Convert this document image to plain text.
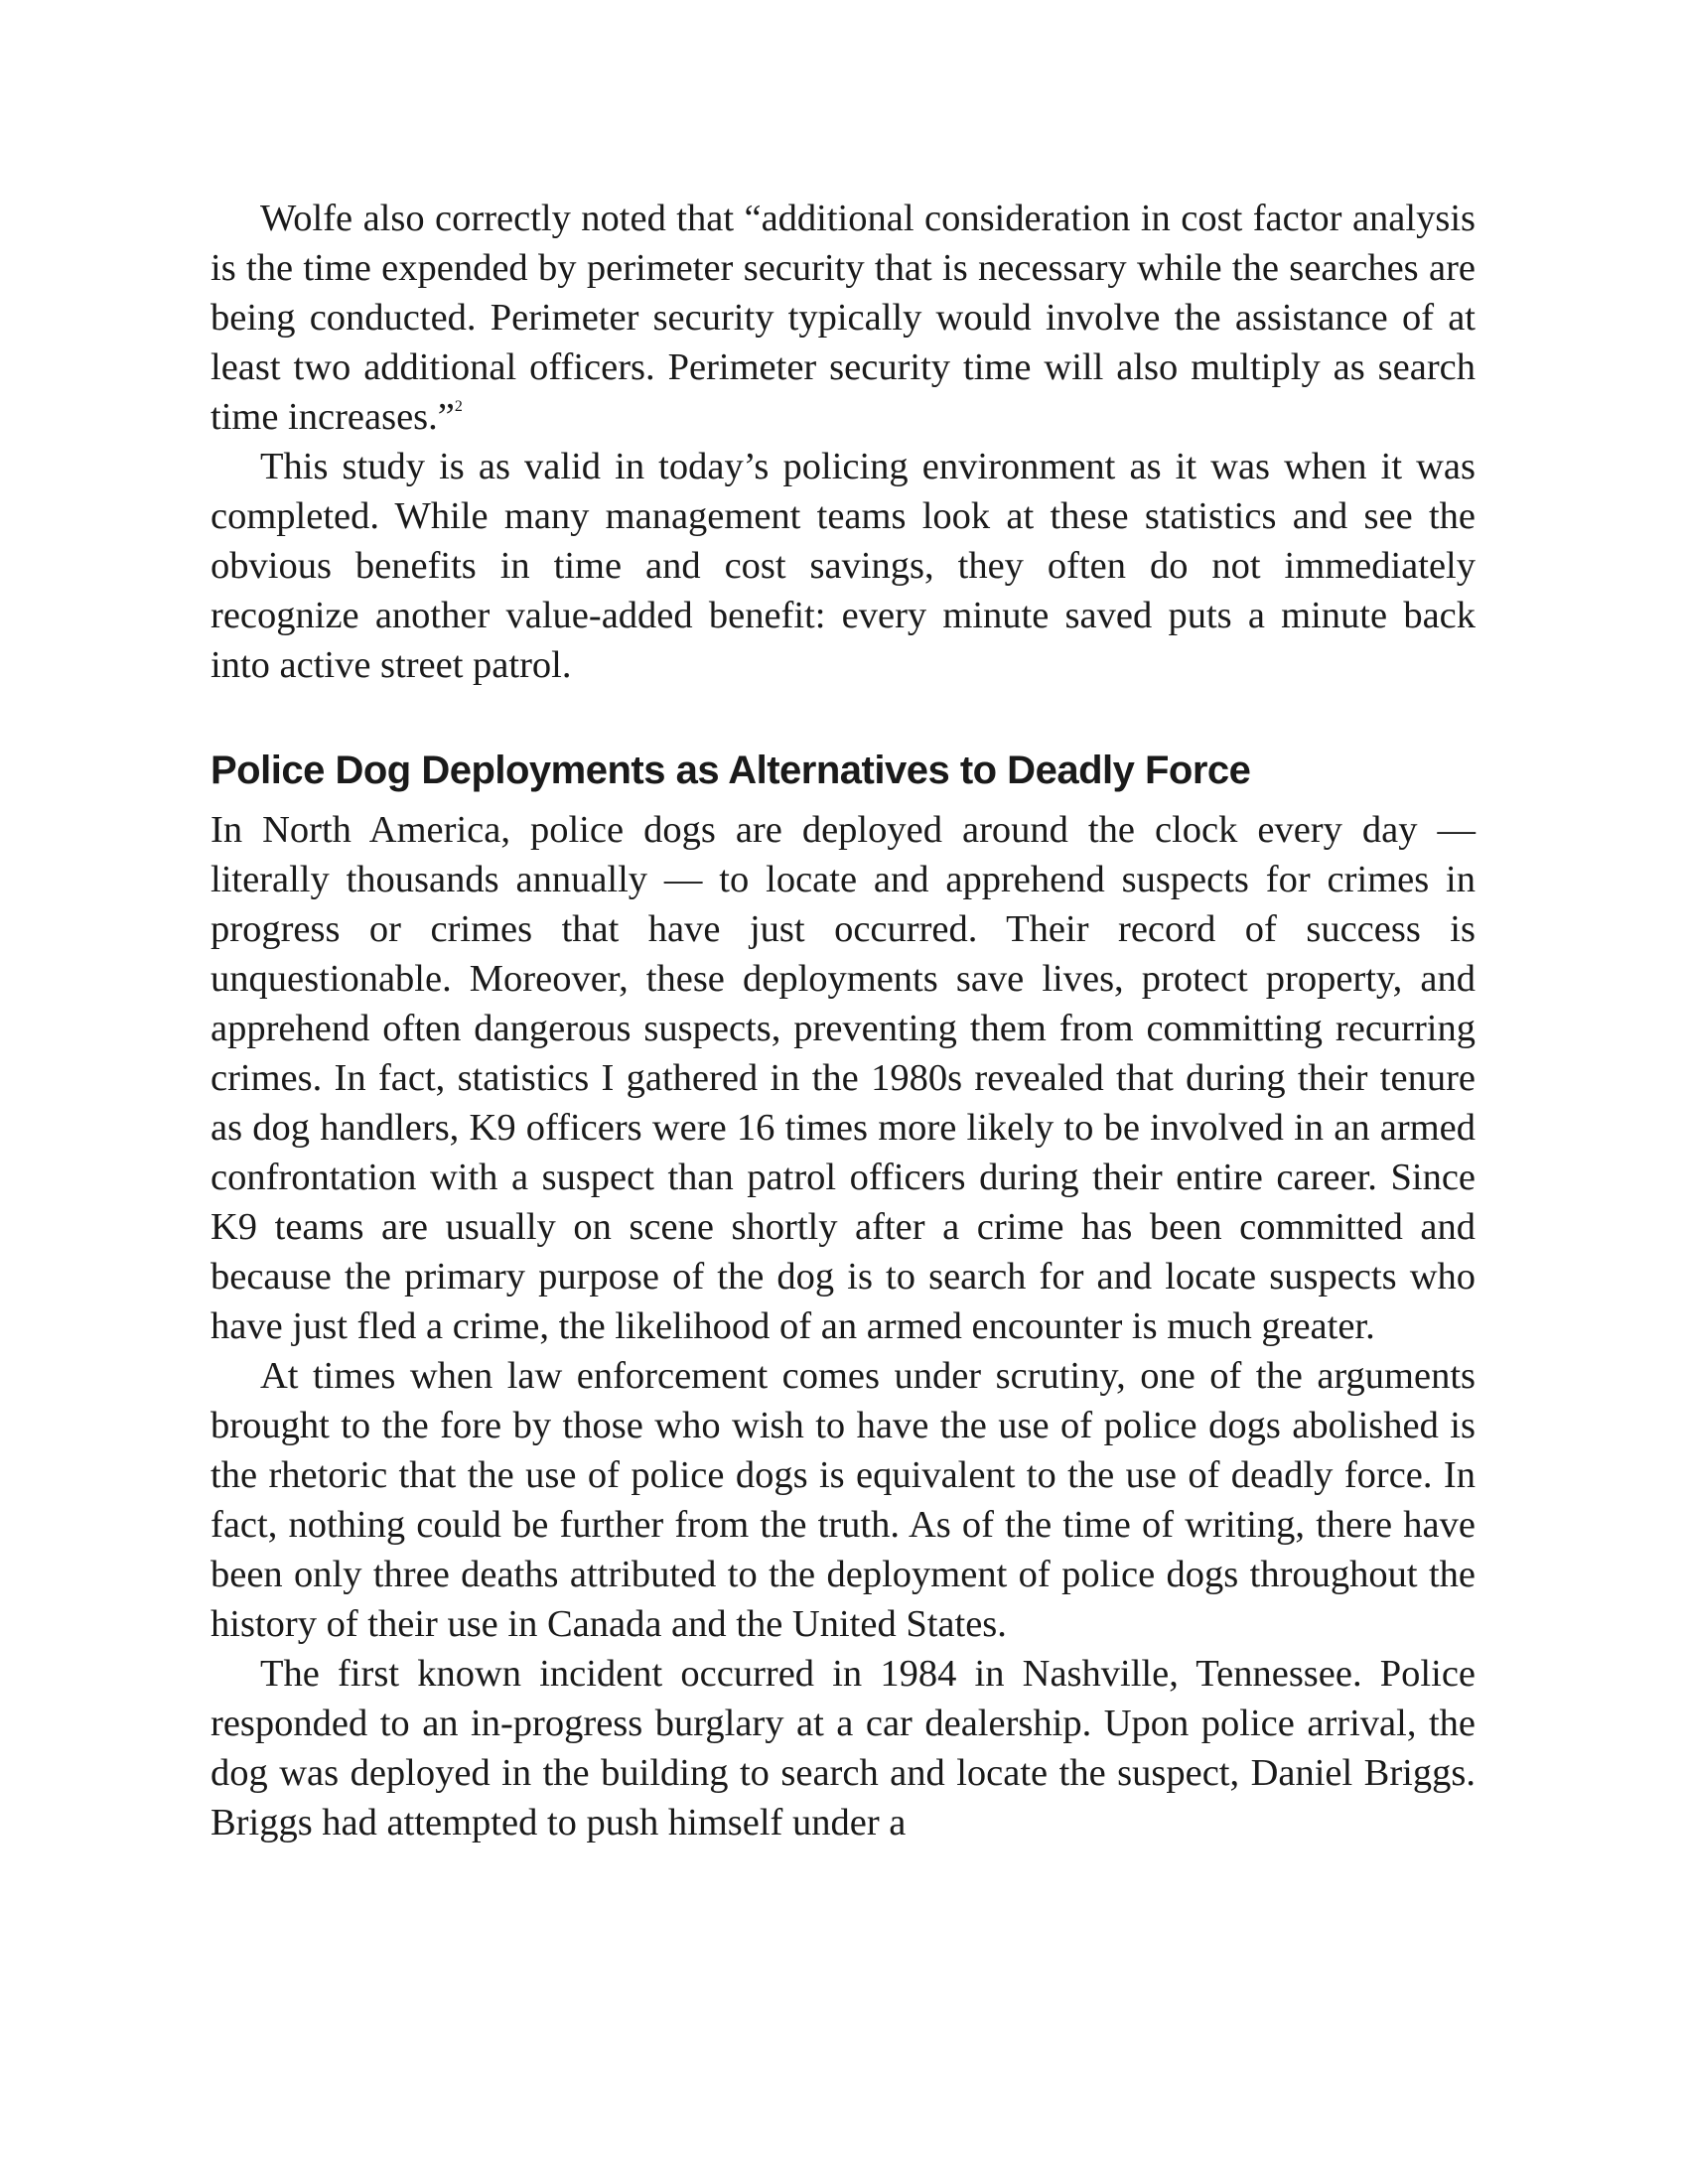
Wolfe also correctly noted that “additional consideration in cost factor analysis is the time expended by perimeter security that is necessary while the searches are being conducted. Perimeter security typically would involve the assistance of at least two additional officers. Perimeter security time will also multiply as search time increases.”$^2$

This study is as valid in today’s policing environment as it was when it was completed. While many management teams look at these statistics and see the obvious benefits in time and cost savings, they often do not immediately recognize another value-added benefit: every minute saved puts a minute back into active street patrol.

Police Dog Deployments as Alternatives to Deadly Force

In North America, police dogs are deployed around the clock every day — literally thousands annually — to locate and apprehend suspects for crimes in progress or crimes that have just occurred. Their record of success is unquestionable. Moreover, these deployments save lives, protect property, and apprehend often dangerous suspects, preventing them from committing recurring crimes. In fact, statistics I gathered in the 1980s revealed that during their tenure as dog handlers, K9 officers were 16 times more likely to be involved in an armed confrontation with a suspect than patrol officers during their entire career. Since K9 teams are usually on scene shortly after a crime has been committed and because the primary purpose of the dog is to search for and locate suspects who have just fled a crime, the likelihood of an armed encounter is much greater.

At times when law enforcement comes under scrutiny, one of the arguments brought to the fore by those who wish to have the use of police dogs abolished is the rhetoric that the use of police dogs is equivalent to the use of deadly force. In fact, nothing could be further from the truth. As of the time of writing, there have been only three deaths attributed to the deployment of police dogs throughout the history of their use in Canada and the United States.

The first known incident occurred in 1984 in Nashville, Tennessee. Police responded to an in-progress burglary at a car dealership. Upon police arrival, the dog was deployed in the building to search and locate the suspect, Daniel Briggs. Briggs had attempted to push himself under a
